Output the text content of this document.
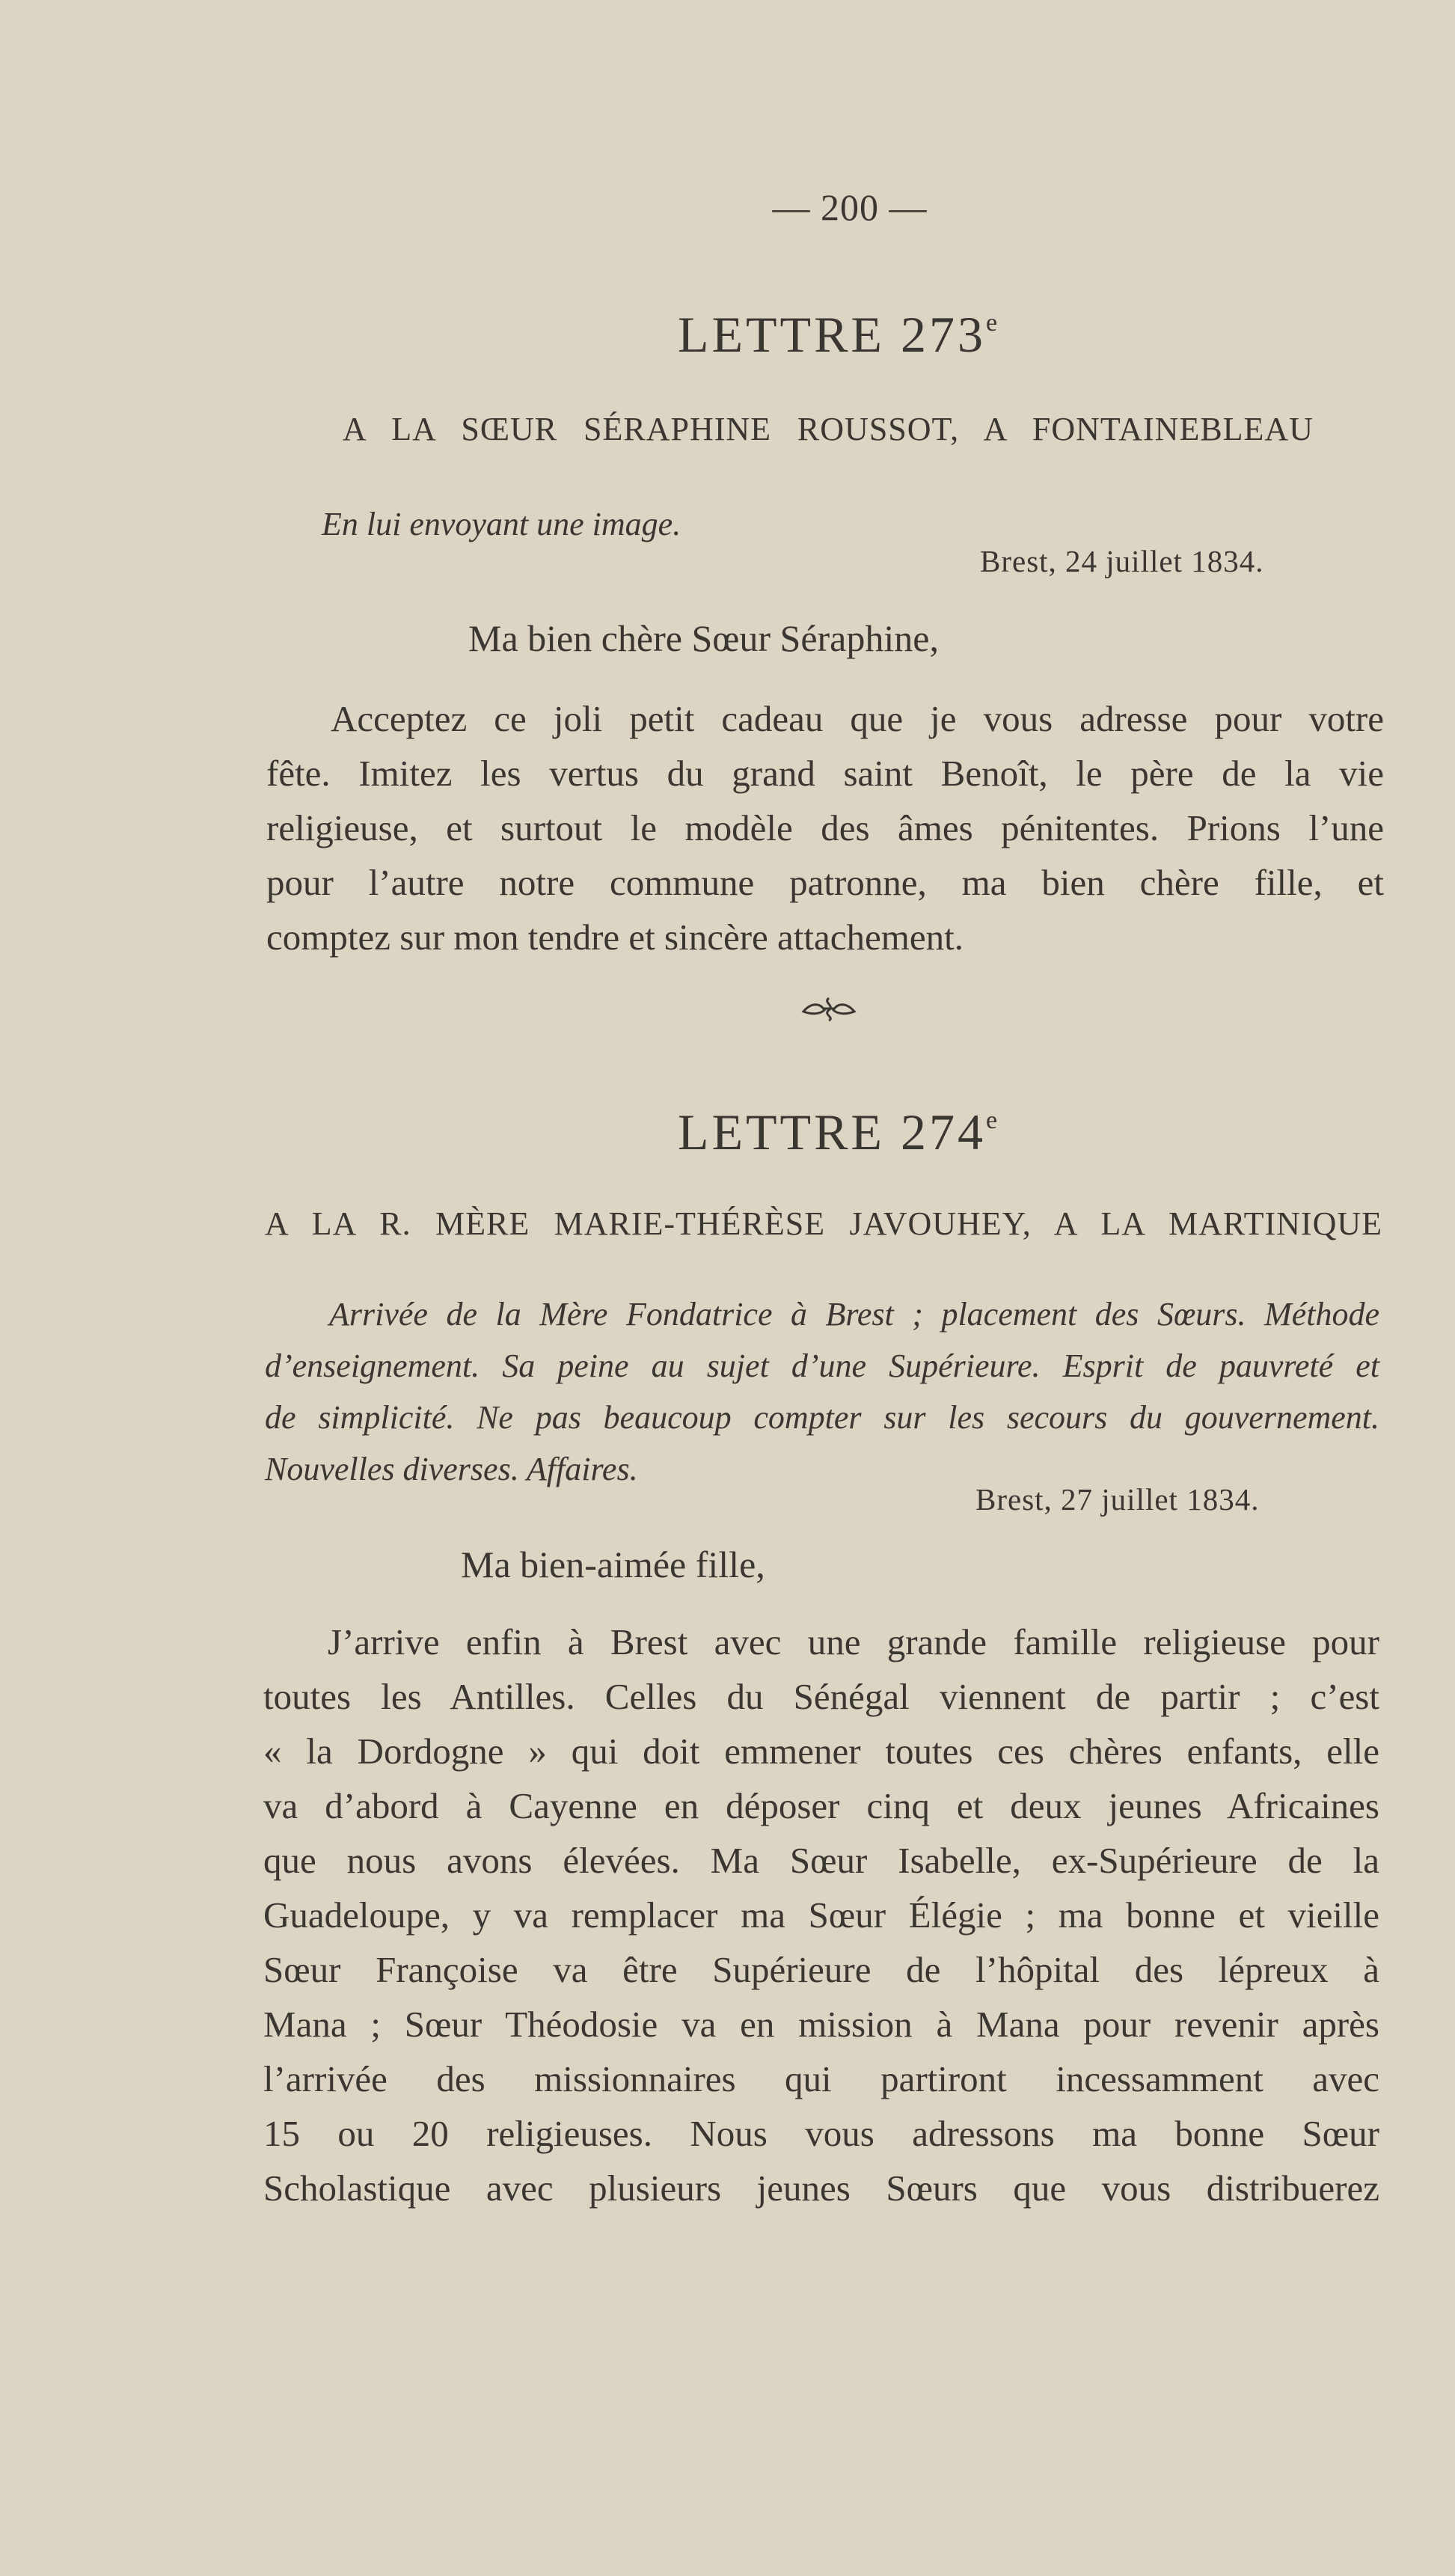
— 200 —
LETTRE 273e
A LA SŒUR SÉRAPHINE ROUSSOT, A FONTAINEBLEAU
En lui envoyant une image.
Brest, 24 juillet 1834.
Ma bien chère Sœur Séraphine,
Acceptez ce joli petit cadeau que je vous adresse pour votre
fête. Imitez les vertus du grand saint Benoît, le père de la vie
religieuse, et surtout le modèle des âmes pénitentes. Prions l’une
pour l’autre notre commune patronne, ma bien chère fille, et
comptez sur mon tendre et sincère attachement.
LETTRE 274e
A LA R. MÈRE MARIE-THÉRÈSE JAVOUHEY, A LA MARTINIQUE
Arrivée de la Mère Fondatrice à Brest ; placement des Sœurs. Méthode
d’enseignement. Sa peine au sujet d’une Supérieure. Esprit de pauvreté et
de simplicité. Ne pas beaucoup compter sur les secours du gouvernement.
Nouvelles diverses. Affaires.
Brest, 27 juillet 1834.
Ma bien-aimée fille,
J’arrive enfin à Brest avec une grande famille religieuse pour
toutes les Antilles. Celles du Sénégal viennent de partir ; c’est
« la Dordogne » qui doit emmener toutes ces chères enfants, elle
va d’abord à Cayenne en déposer cinq et deux jeunes Africaines
que nous avons élevées. Ma Sœur Isabelle, ex-Supérieure de la
Guadeloupe, y va remplacer ma Sœur Élégie ; ma bonne et vieille
Sœur Françoise va être Supérieure de l’hôpital des lépreux à
Mana ; Sœur Théodosie va en mission à Mana pour revenir après
l’arrivée des missionnaires qui partiront incessamment avec
15 ou 20 religieuses. Nous vous adressons ma bonne Sœur
Scholastique avec plusieurs jeunes Sœurs que vous distribuerez
